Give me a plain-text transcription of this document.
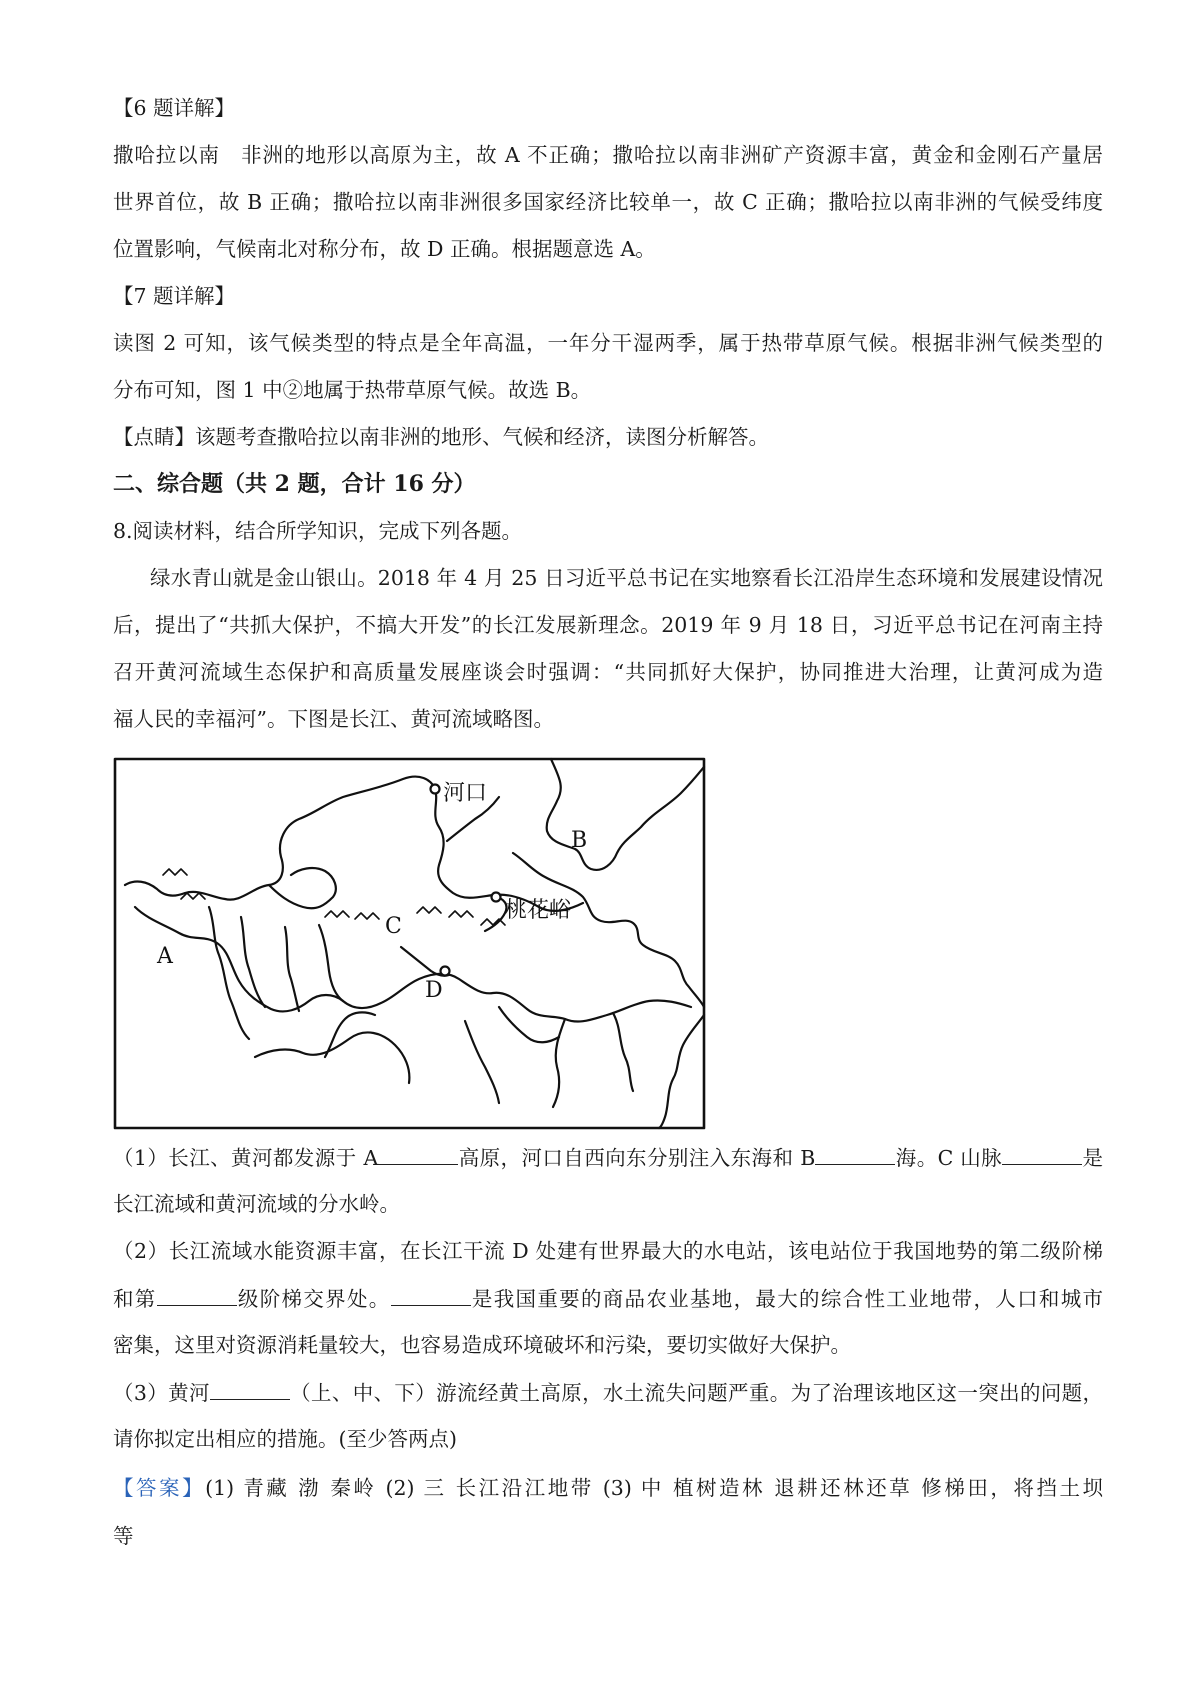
【6 题详解】
撒哈拉以南　非洲的地形以高原为主，故 A 不正确；撒哈拉以南非洲矿产资源丰富，黄金和金刚石产量居
世界首位，故 B 正确；撒哈拉以南非洲很多国家经济比较单一，故 C 正确；撒哈拉以南非洲的气候受纬度
位置影响，气候南北对称分布，故 D 正确。根据题意选 A。
【7 题详解】
读图 2 可知，该气候类型的特点是全年高温，一年分干湿两季，属于热带草原气候。根据非洲气候类型的
分布可知，图 1 中②地属于热带草原气候。故选 B。
【点睛】该题考查撒哈拉以南非洲的地形、气候和经济，读图分析解答。
二、综合题（共 2 题，合计 16 分）
8.阅读材料，结合所学知识，完成下列各题。
绿水青山就是金山银山。2018 年 4 月 25 日习近平总书记在实地察看长江沿岸生态环境和发展建设情况
后，提出了“共抓大保护，不搞大开发”的长江发展新理念。2019 年 9 月 18 日，习近平总书记在河南主持
召开黄河流域生态保护和高质量发展座谈会时强调：“共同抓好大保护，协同推进大治理，让黄河成为造
福人民的幸福河”。下图是长江、黄河流域略图。
河口
B
桃花峪
A
C
D
（1）长江、黄河都发源于 A	高原，河口自西向东分别注入东海和 B	海。C 山脉	是
长江流域和黄河流域的分水岭。
（2）长江流域水能资源丰富，在长江干流 D 处建有世界最大的水电站，该电站位于我国地势的第二级阶梯
和第	级阶梯交界处。	是我国重要的商品农业基地，最大的综合性工业地带，人口和城市
密集，这里对资源消耗量较大，也容易造成环境破坏和污染，要切实做好大保护。
（3）黄河	（上、中、下）游流经黄土高原，水土流失问题严重。为了治理该地区这一突出的问题，
请你拟定出相应的措施。(至少答两点)
【答案】(1) 青藏 渤 秦岭 (2) 三 长江沿江地带 (3) 中 植树造林 退耕还林还草 修梯田，将挡土坝
等
